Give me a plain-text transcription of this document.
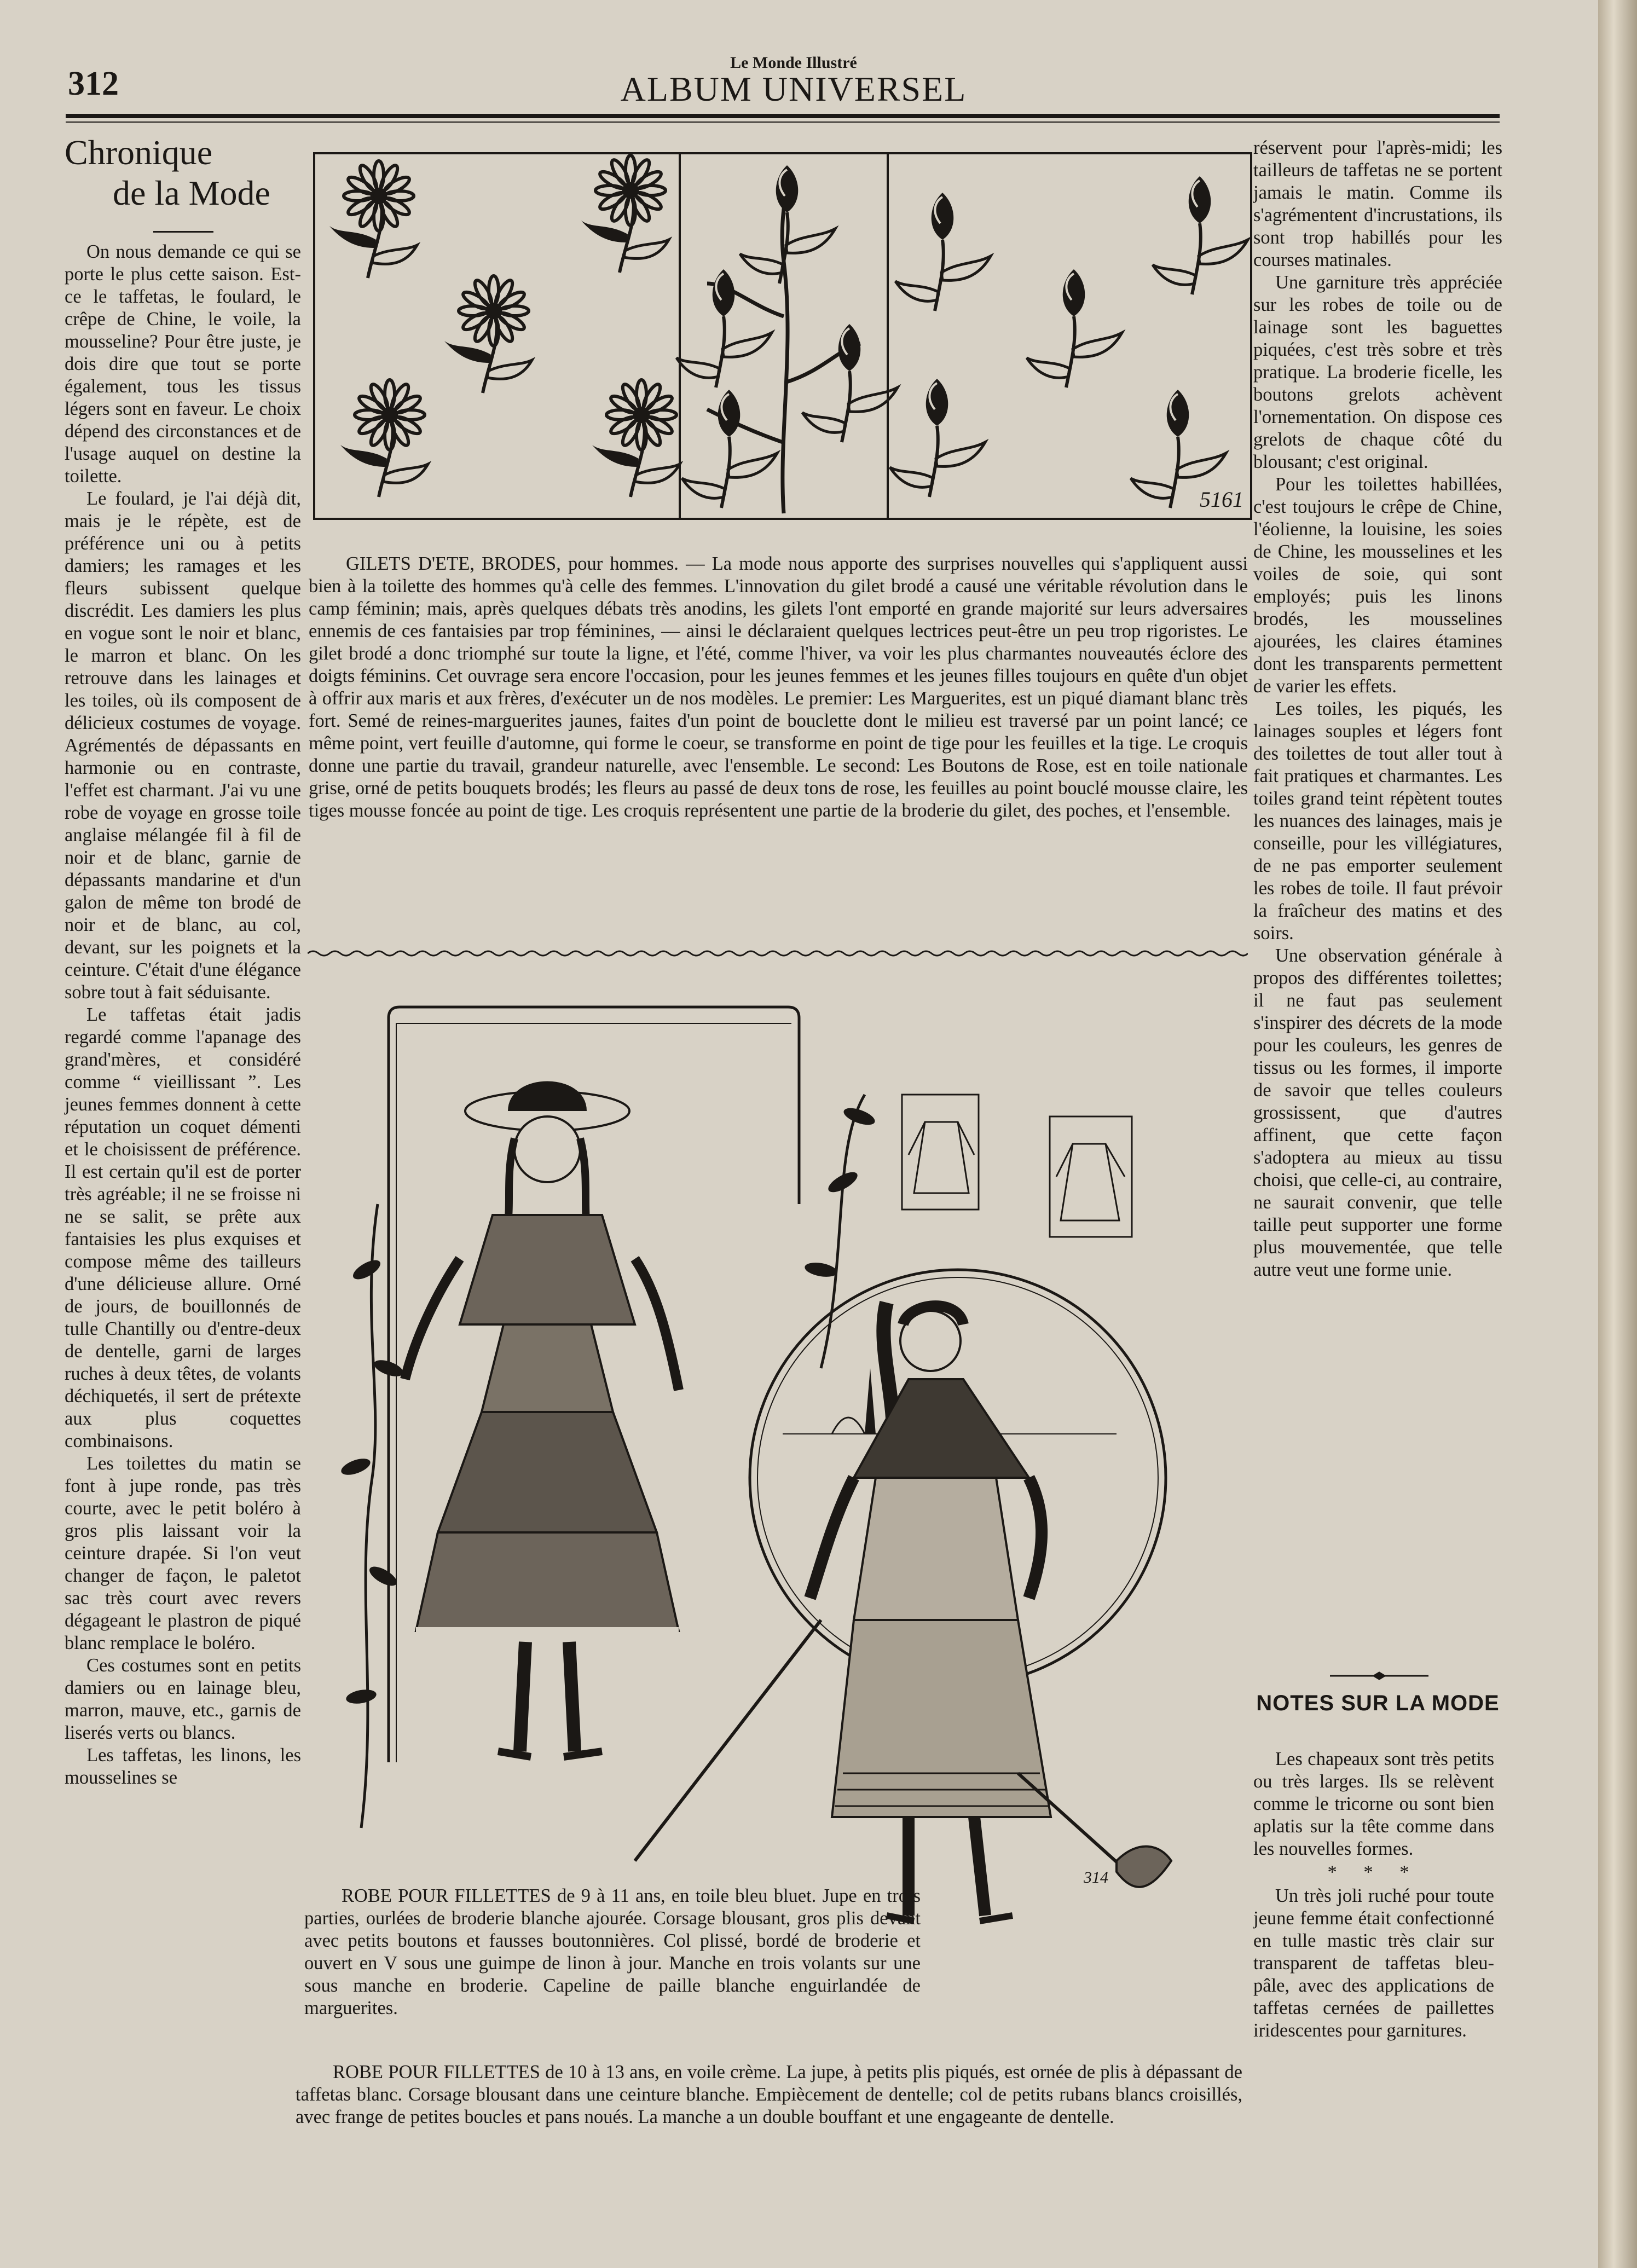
312
Le Monde Illustré
ALBUM UNIVERSEL
Chronique
de la Mode

On nous demande ce qui se porte le plus cette saison. Est-ce le taffetas, le foulard, le crêpe de Chine, le voile, la mousseline? Pour être juste, je dois dire que tout se porte également, tous les tissus légers sont en faveur. Le choix dépend des circonstances et de l'usage auquel on destine la toilette.

Le foulard, je l'ai déjà dit, mais je le répète, est de préférence uni ou à petits damiers; les ramages et les fleurs subissent quelque discrédit. Les damiers les plus en vogue sont le noir et blanc, le marron et blanc. On les retrouve dans les lainages et les toiles, où ils composent de délicieux costumes de voyage. Agrémentés de dépassants en harmonie ou en contraste, l'effet est charmant. J'ai vu une robe de voyage en grosse toile anglaise mélangée fil à fil de noir et de blanc, garnie de dépassants mandarine et d'un galon de même ton brodé de noir et de blanc, au col, devant, sur les poignets et la ceinture. C'était d'une élégance sobre tout à fait séduisante.

Le taffetas était jadis regardé comme l'apanage des grand'mères, et considéré comme “ vieillissant ”. Les jeunes femmes donnent à cette réputation un coquet démenti et le choisissent de préférence. Il est certain qu'il est de porter très agréable; il ne se froisse ni ne se salit, se prête aux fantaisies les plus exquises et compose même des tailleurs d'une délicieuse allure. Orné de jours, de bouillonnés de tulle Chantilly ou d'entre-deux de dentelle, garni de larges ruches à deux têtes, de volants déchiquetés, il sert de prétexte aux plus coquettes combinaisons.

Les toilettes du matin se font à jupe ronde, pas très courte, avec le petit boléro à gros plis laissant voir la ceinture drapée. Si l'on veut changer de façon, le paletot sac très court avec revers dégageant le plastron de piqué blanc remplace le boléro.

Ces costumes sont en petits damiers ou en lainage bleu, marron, mauve, etc., garnis de liserés verts ou blancs.

Les taffetas, les linons, les mousselines se

5161

GILETS D'ETE, BRODES, pour hommes. — La mode nous apporte des surprises nouvelles qui s'appliquent aussi bien à la toilette des hommes qu'à celle des femmes. L'innovation du gilet brodé a causé une véritable révolution dans le camp féminin; mais, après quelques débats très anodins, les gilets l'ont emporté en grande majorité sur leurs adversaires ennemis de ces fantaisies par trop féminines, — ainsi le déclaraient quelques lectrices peut-être un peu trop rigoristes. Le gilet brodé a donc triomphé sur toute la ligne, et l'été, comme l'hiver, va voir les plus charmantes nouveautés éclore des doigts féminins. Cet ouvrage sera encore l'occasion, pour les jeunes femmes et les jeunes filles toujours en quête d'un objet à offrir aux maris et aux frères, d'exécuter un de nos modèles. Le premier: Les Marguerites, est un piqué diamant blanc très fort. Semé de reines-marguerites jaunes, faites d'un point de bouclette dont le milieu est traversé par un point lancé; ce même point, vert feuille d'automne, qui forme le coeur, se transforme en point de tige pour les feuilles et la tige. Le croquis donne une partie du travail, grandeur naturelle, avec l'ensemble. Le second: Les Boutons de Rose, est en toile nationale grise, orné de petits bouquets brodés; les fleurs au passé de deux tons de rose, les feuilles au point bouclé mousse claire, les tiges mousse foncée au point de tige. Les croquis représentent une partie de la broderie du gilet, des poches, et l'ensemble.

314

ROBE POUR FILLETTES de 9 à 11 ans, en toile bleu bluet. Jupe en trois parties, ourlées de broderie blanche ajourée. Corsage blousant, gros plis devant avec petits boutons et fausses boutonnières. Col plissé, bordé de broderie et ouvert en V sous une guimpe de linon à jour. Manche en trois volants sur une sous manche en broderie. Capeline de paille blanche enguirlandée de marguerites.

ROBE POUR FILLETTES de 10 à 13 ans, en voile crème. La jupe, à petits plis piqués, est ornée de plis à dépassant de taffetas blanc. Corsage blousant dans une ceinture blanche. Empiècement de dentelle; col de petits rubans blancs croisillés, avec frange de petites boucles et pans noués. La manche a un double bouffant et une engageante de dentelle.

réservent pour l'après-midi; les tailleurs de taffetas ne se portent jamais le matin. Comme ils s'agrémentent d'incrustations, ils sont trop habillés pour les courses matinales.

Une garniture très appréciée sur les robes de toile ou de lainage sont les baguettes piquées, c'est très sobre et très pratique. La broderie ficelle, les boutons grelots achèvent l'ornementation. On dispose ces grelots de chaque côté du blousant; c'est original.

Pour les toilettes habillées, c'est toujours le crêpe de Chine, l'éolienne, la louisine, les soies de Chine, les mousselines et les voiles de soie, qui sont employés; puis les linons brodés, les mousselines ajourées, les claires étamines dont les transparents permettent de varier les effets.

Les toiles, les piqués, les lainages souples et légers font des toilettes de tout aller tout à fait pratiques et charmantes. Les toiles grand teint répètent toutes les nuances des lainages, mais je conseille, pour les villégiatures, de ne pas emporter seulement les robes de toile. Il faut prévoir la fraîcheur des matins et des soirs.

Une observation générale à propos des différentes toilettes; il ne faut pas seulement s'inspirer des décrets de la mode pour les couleurs, les genres de tissus ou les formes, il importe de savoir que telles couleurs grossissent, que d'autres affinent, que cette façon s'adoptera au mieux au tissu choisi, que celle-ci, au contraire, ne saurait convenir, que telle taille peut supporter une forme plus mouvementée, que telle autre veut une forme unie.

NOTES SUR LA MODE

Les chapeaux sont très petits ou très larges. Ils se relèvent comme le tricorne ou sont bien aplatis sur la tête comme dans les nouvelles formes.

* * *

Un très joli ruché pour toute jeune femme était confectionné en tulle mastic très clair sur transparent de taffetas bleu-pâle, avec des applications de taffetas cernées de paillettes iridescentes pour garnitures.
